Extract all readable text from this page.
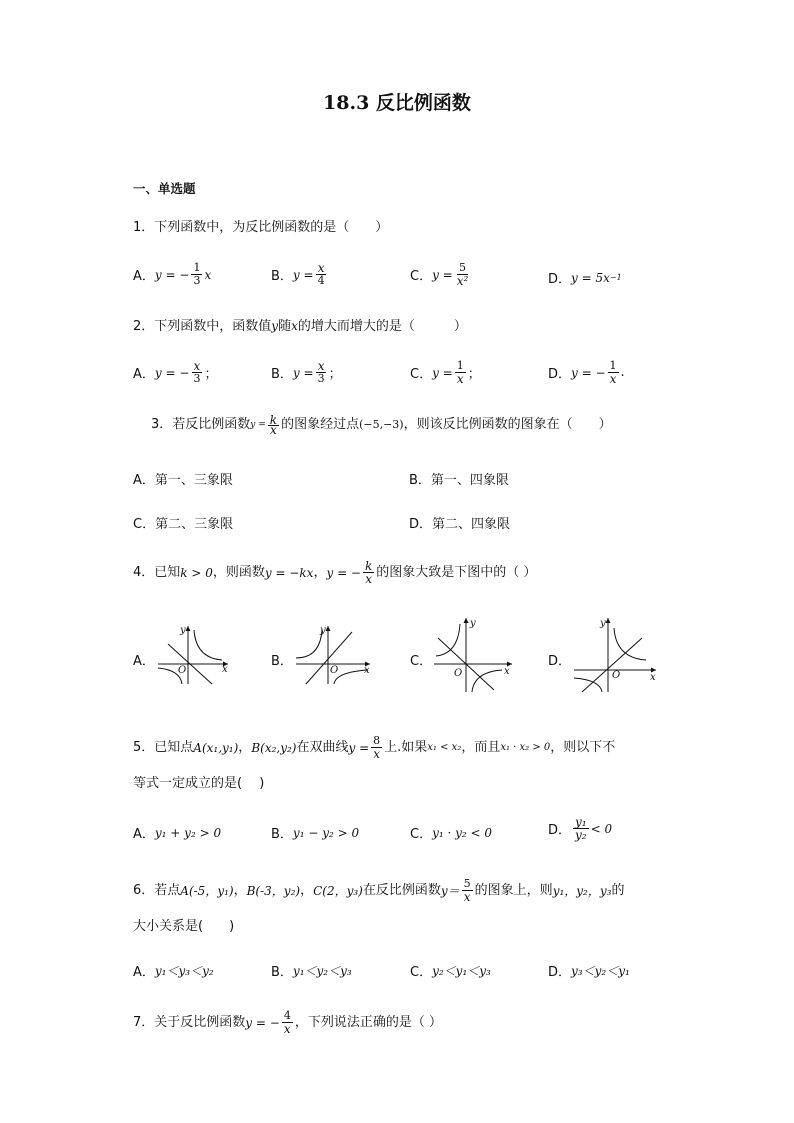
18.3 反比例函数
一、单选题
1．下列函数中，为反比例函数的是（　　）
A． y = − $\frac{1}{3}$ x	B． $y = \frac{x}{4}$	C． $y = \frac{5}{\text{x²}}$	D． y = 5x −1
2．下列函数中，函数值y随x的增大而增大的是（　　　）
A． y = − $\frac{x}{3}$ ；	B． $y = \frac{x}{3}$ ；	C． $y = \frac{1}{x}$ ；	D． y = − $\frac{1}{x}$ .
3．若反比例函数 $y = \frac{k}{x}$ 的图象经过点 (−5,−3) ，则该反比例函数的图象在（　　）
A．第一、三象限	B．第一、四象限
C．第二、三象限	D．第二、四象限
4．已知 k > 0 ，则函数 y = −kx ， y = − $\frac{k}{x}$ 的图象大致是下图中的（ ）
A．	B．	C．	D．
x
y
O	x
y
O	x
y
O	x
y
O
5．已知点 A(x₁,y₁) ， B(x₂,y₂) 在双曲线 $y = \frac{8}{x}$ 上.如果 x₁ < x₂ ，而且 x₁ · x₂ > 0 ，则以下不
等式一定成立的是(　 )
A． y₁ + y₂ > 0	B． y₁ − y₂ > 0	C． y₁ · y₂ < 0	D． $\frac{\text{y₁}}{\text{y₂}} < 0$
6．若点 A(-5，y₁) ， B(-3，y₂) ， C(2，y₃) 在反比例函数 $y= \frac{5}{x}$ 的图象上，则 y₁，y₂，y₃ 的
大小关系是(　　)
A． y₁＜y₃＜y₂	B． y₁＜y₂＜y₃	C． y₂＜y₁＜y₃	D． y₃＜y₂＜y₁
7．关于反比例函数 y = − $\frac{4}{x}$ ，下列说法正确的是（ ）
